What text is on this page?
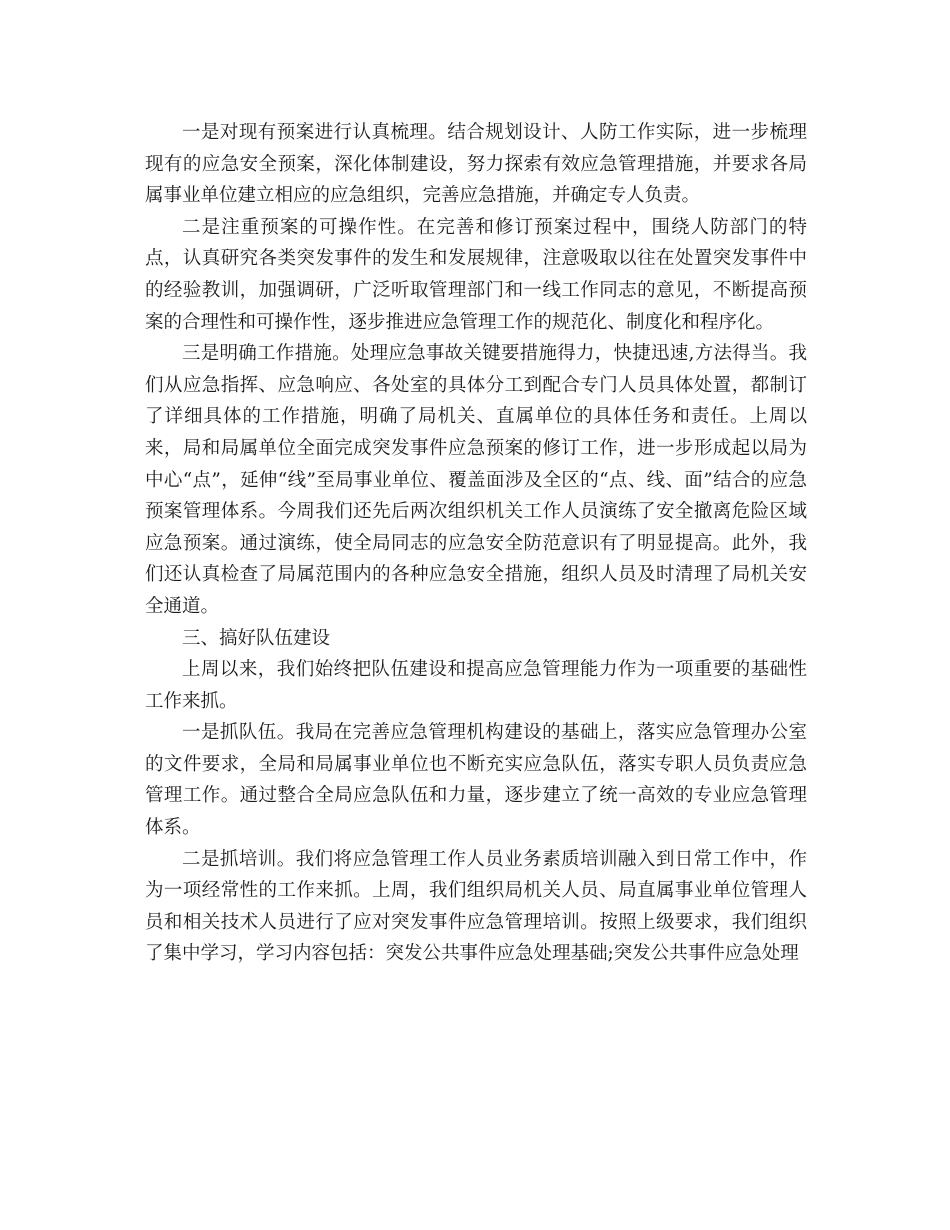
一是对现有预案进行认真梳理。结合规划设计、人防工作实际，进一步梳理现有的应急安全预案，深化体制建设，努力探索有效应急管理措施，并要求各局属事业单位建立相应的应急组织，完善应急措施，并确定专人负责。

二是注重预案的可操作性。在完善和修订预案过程中，围绕人防部门的特点，认真研究各类突发事件的发生和发展规律，注意吸取以往在处置突发事件中的经验教训，加强调研，广泛听取管理部门和一线工作同志的意见，不断提高预案的合理性和可操作性，逐步推进应急管理工作的规范化、制度化和程序化。

三是明确工作措施。处理应急事故关键要措施得力，快捷迅速,方法得当。我们从应急指挥、应急响应、各处室的具体分工到配合专门人员具体处置，都制订了详细具体的工作措施，明确了局机关、直属单位的具体任务和责任。上周以来，局和局属单位全面完成突发事件应急预案的修订工作，进一步形成起以局为中心“点”，延伸“线”至局事业单位、覆盖面涉及全区的“点、线、面”结合的应急预案管理体系。今周我们还先后两次组织机关工作人员演练了安全撤离危险区域应急预案。通过演练，使全局同志的应急安全防范意识有了明显提高。此外，我们还认真检查了局属范围内的各种应急安全措施，组织人员及时清理了局机关安全通道。

三、搞好队伍建设

上周以来，我们始终把队伍建设和提高应急管理能力作为一项重要的基础性工作来抓。

一是抓队伍。我局在完善应急管理机构建设的基础上，落实应急管理办公室的文件要求，全局和局属事业单位也不断充实应急队伍，落实专职人员负责应急管理工作。通过整合全局应急队伍和力量，逐步建立了统一高效的专业应急管理体系。

二是抓培训。我们将应急管理工作人员业务素质培训融入到日常工作中，作为一项经常性的工作来抓。上周，我们组织局机关人员、局直属事业单位管理人员和相关技术人员进行了应对突发事件应急管理培训。按照上级要求，我们组织了集中学习，学习内容包括：突发公共事件应急处理基础;突发公共事件应急处理
